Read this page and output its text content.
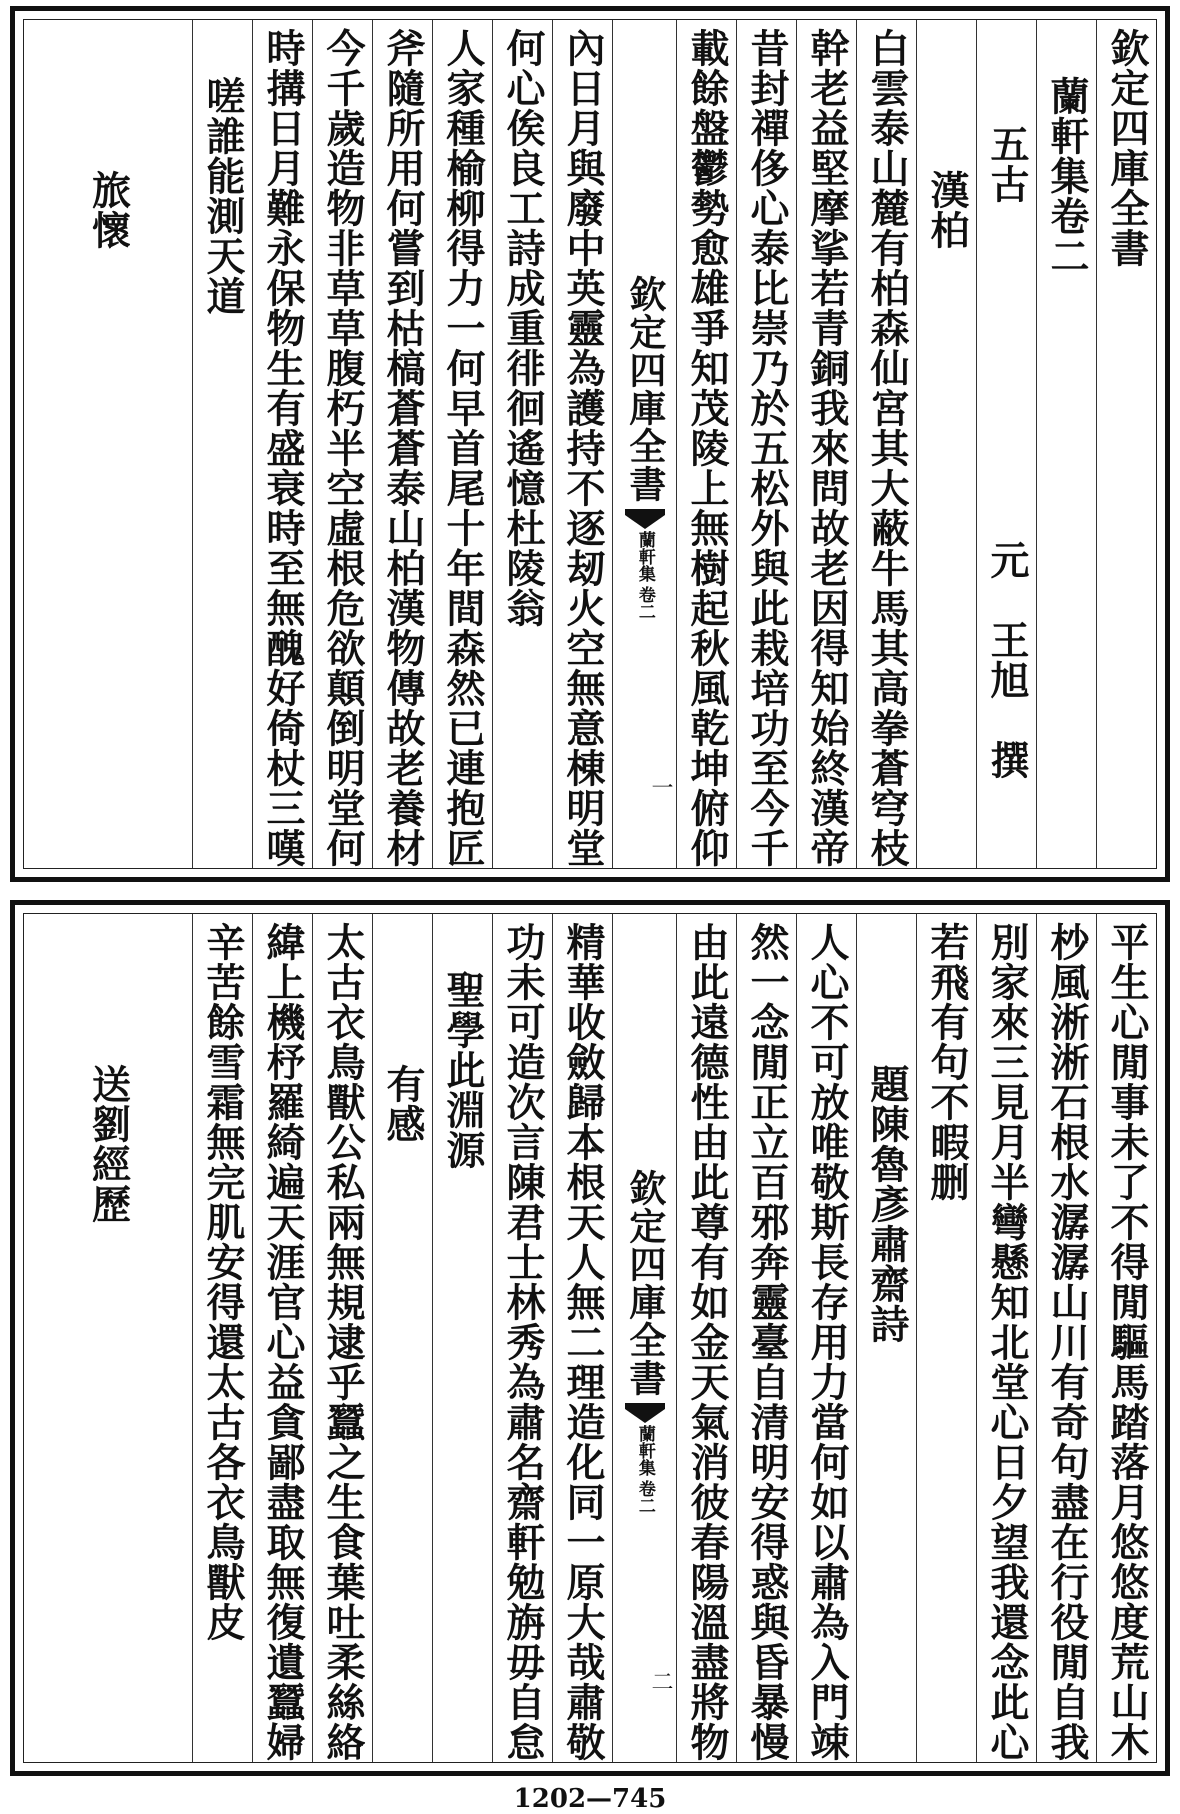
欽定四庫全書
蘭軒集卷二
五古
元　王旭　撰
漢柏
白雲泰山麓有柏森仙宮其大蔽牛馬其高拳蒼穹枝
幹老益堅摩挲若青銅我來問故老因得知始終漢帝
昔封禪侈心泰比崇乃於五松外與此栽培功至今千
載餘盤鬱勢愈雄爭知茂陵上無樹起秋風乾坤俯仰
欽定四庫全書
蘭軒集
卷二
一
內日月與廢中英靈為護持不逐刼火空無意棟明堂
何心俟良工詩成重徘徊遙憶杜陵翁
人家種榆柳得力一何早首尾十年間森然已連抱匠
斧隨所用何嘗到枯槁蒼蒼泰山柏漢物傳故老養材
今千歲造物非草草腹朽半空虛根危欲顛倒明堂何
時搆日月難永保物生有盛衰時至無醜好倚杖三嘆
嗟誰能測天道
旅懷
平生心閒事未了不得閒驅馬踏落月悠悠度荒山木
杪風淅淅石根水潺潺山川有奇句盡在行役閒自我
別家來三見月半彎懸知北堂心日夕望我還念此心
若飛有句不暇删
題陳魯彥肅齋詩
人心不可放唯敬斯長存用力當何如以肅為入門竦
然一念閒正立百邪奔靈臺自清明安得惑與昏暴慢
由此遠德性由此尊有如金天氣消彼春陽溫盡將物
欽定四庫全書
蘭軒集
卷二
二
精華收斂歸本根天人無二理造化同一原大哉肅敬
功未可造次言陳君士林秀為肅名齋軒勉旃毋自怠
聖學此淵源
有感
太古衣鳥獸公私兩無規逮乎蠶之生食葉吐柔絲絡
緯上機杼羅綺遍天涯官心益貪鄙盡取無復遺蠶婦
辛苦餘雪霜無完肌安得還太古各衣鳥獸皮
送劉經歷
1202—745
